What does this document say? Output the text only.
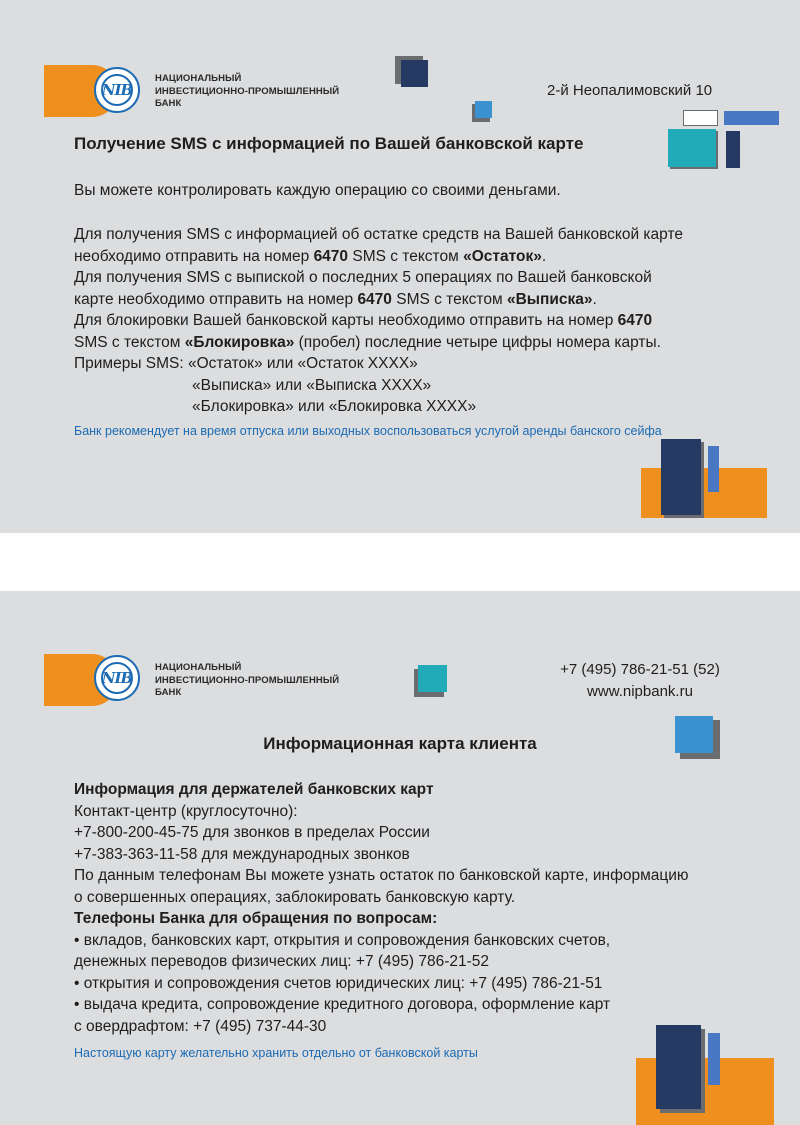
NIB
НАЦИОНАЛЬНЫЙ
ИНВЕСТИЦИОННО-ПРОМЫШЛЕННЫЙ
БАНК
2-й Неопалимовский 10
Получение SMS с информацией по Вашей банковской карте
Вы можете контролировать каждую операцию со своими деньгами.

Для получения SMS с информацией об остатке средств на Вашей банковской карте

необходимо отправить на номер 6470 SMS с текстом «Остаток».

Для получения SMS с выпиской о последних 5 операциях по Вашей банковской

карте необходимо отправить на номер 6470 SMS с текстом «Выписка».

Для блокировки Вашей банковской карты необходимо отправить на номер 6470

SMS с текстом «Блокировка» (пробел) последние четыре цифры номера карты.

Примеры SMS: «Остаток» или «Остаток ХХХХ»

«Выписка» или «Выписка ХХХХ»

«Блокировка» или «Блокировка ХХХХ»

Банк рекомендует на время отпуска или выходных воспользоваться услугой аренды банского сейфа
NIB
НАЦИОНАЛЬНЫЙ
ИНВЕСТИЦИОННО-ПРОМЫШЛЕННЫЙ
БАНК
+7 (495) 786-21-51 (52)
www.nipbank.ru
Информационная карта клиента

Информация для держателей банковских карт

Контакт-центр (круглосуточно):

+7-800-200-45-75 для звонков в пределах России

+7-383-363-11-58 для международных звонков

По данным телефонам Вы можете узнать остаток по банковской карте, информацию

о совершенных операциях, заблокировать банковскую карту.

Телефоны Банка для обращения по вопросам:

• вкладов, банковских карт, открытия и сопровождения банковских счетов,

денежных переводов физических лиц: +7 (495) 786-21-52

• открытия и сопровождения счетов юридических лиц: +7 (495) 786-21-51

• выдача кредита, сопровождение кредитного договора, оформление карт

с овердрафтом: +7 (495) 737-44-30

Настоящую карту желательно хранить отдельно от банковской карты
